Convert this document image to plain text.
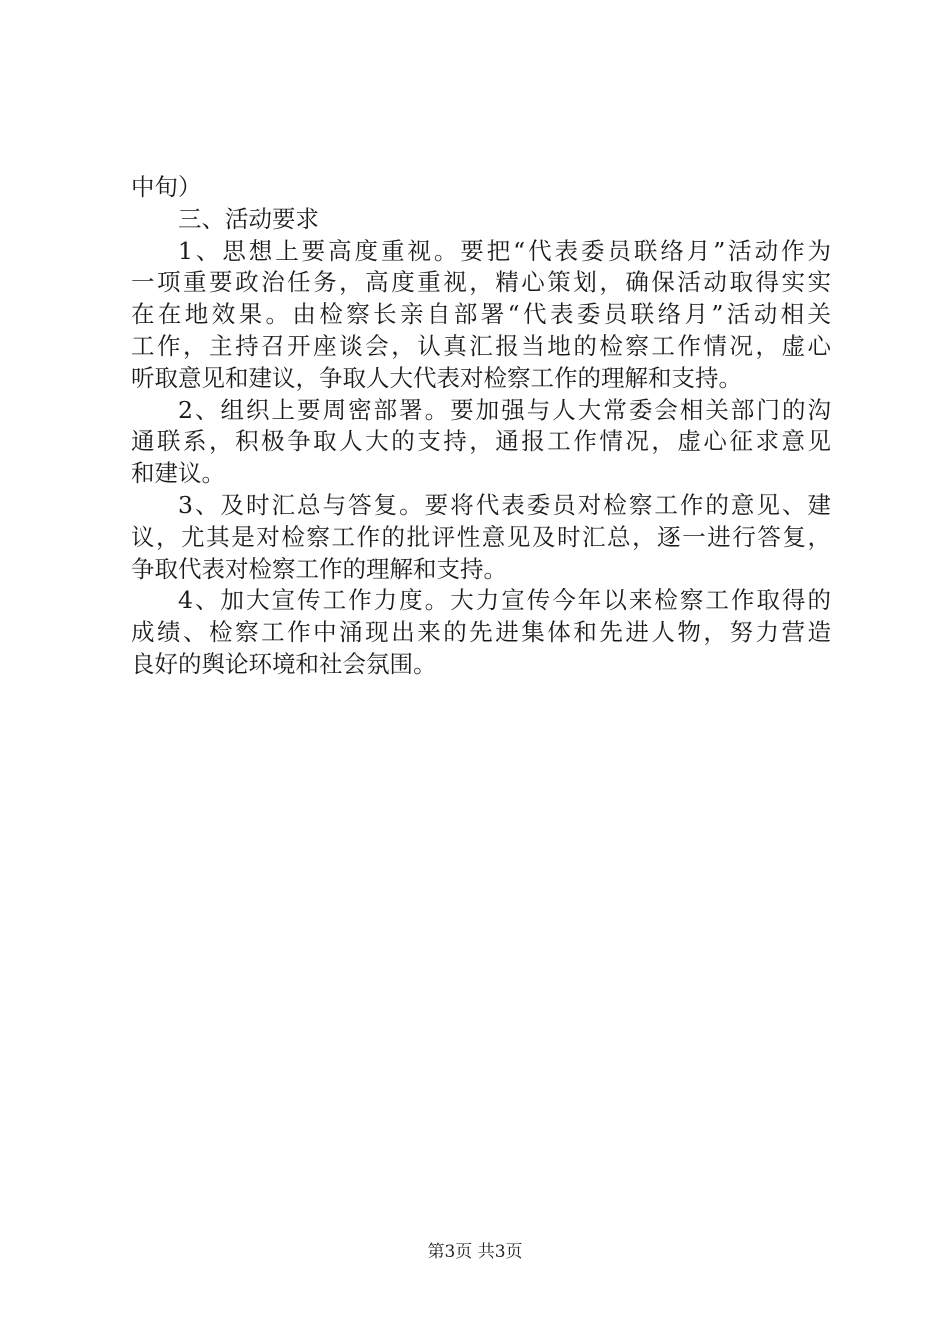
中旬）
三、活动要求
1、思想上要高度重视。要把“代表委员联络月”活动作为
一项重要政治任务，高度重视，精心策划，确保活动取得实实
在在地效果。由检察长亲自部署“代表委员联络月”活动相关
工作，主持召开座谈会，认真汇报当地的检察工作情况，虚心
听取意见和建议，争取人大代表对检察工作的理解和支持。
2、组织上要周密部署。要加强与人大常委会相关部门的沟
通联系，积极争取人大的支持，通报工作情况，虚心征求意见
和建议。
3、及时汇总与答复。要将代表委员对检察工作的意见、建
议，尤其是对检察工作的批评性意见及时汇总，逐一进行答复，
争取代表对检察工作的理解和支持。
4、加大宣传工作力度。大力宣传今年以来检察工作取得的
成绩、检察工作中涌现出来的先进集体和先进人物，努力营造
良好的舆论环境和社会氛围。
第3页 共3页
